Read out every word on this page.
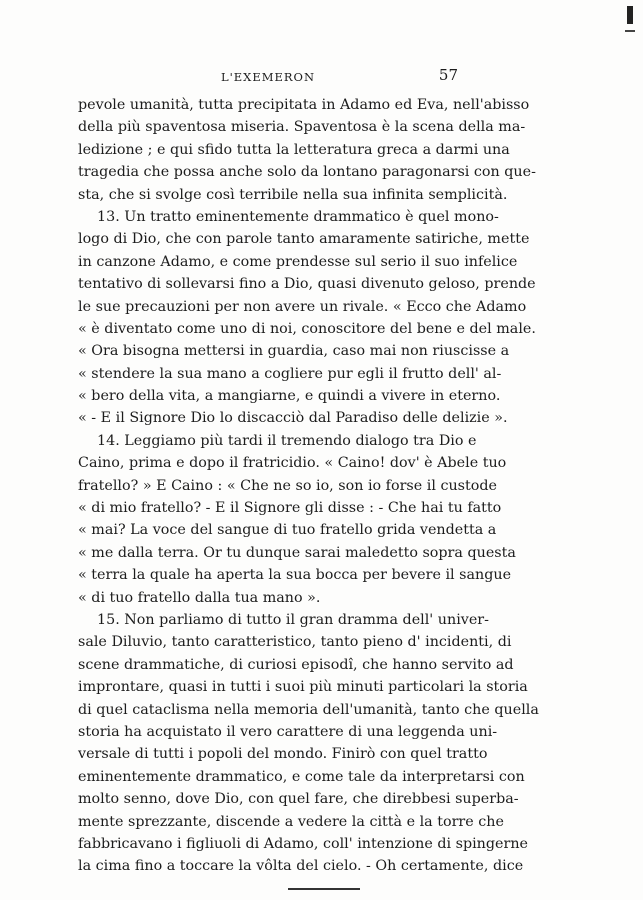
L'EXEMERON	57
pevole umanità, tutta precipitata in Adamo ed Eva, nell'abisso
della più spaventosa miseria. Spaventosa è la scena della ma-
ledizione ; e qui sfido tutta la letteratura greca a darmi una
tragedia che possa anche solo da lontano paragonarsi con que-
sta, che si svolge così terribile nella sua infinita semplicità.
13. Un tratto eminentemente drammatico è quel mono-
logo di Dio, che con parole tanto amaramente satiriche, mette
in canzone Adamo, e come prendesse sul serio il suo infelice
tentativo di sollevarsi fino a Dio, quasi divenuto geloso, prende
le sue precauzioni per non avere un rivale. « Ecco che Adamo
« è diventato come uno di noi, conoscitore del bene e del male.
« Ora bisogna mettersi in guardia, caso mai non riuscisse a
« stendere la sua mano a cogliere pur egli il frutto dell' al-
« bero della vita, a mangiarne, e quindi a vivere in eterno.
« - E il Signore Dio lo discacciò dal Paradiso delle delizie ».
14. Leggiamo più tardi il tremendo dialogo tra Dio e
Caino, prima e dopo il fratricidio. « Caino! dov' è Abele tuo
fratello? » E Caino : « Che ne so io, son io forse il custode
« di mio fratello? - E il Signore gli disse : - Che hai tu fatto
« mai? La voce del sangue di tuo fratello grida vendetta a
« me dalla terra. Or tu dunque sarai maledetto sopra questa
« terra la quale ha aperta la sua bocca per bevere il sangue
« di tuo fratello dalla tua mano ».
15. Non parliamo di tutto il gran dramma dell' univer-
sale Diluvio, tanto caratteristico, tanto pieno d' incidenti, di
scene drammatiche, di curiosi episodî, che hanno servito ad
improntare, quasi in tutti i suoi più minuti particolari la storia
di quel cataclisma nella memoria dell'umanità, tanto che quella
storia ha acquistato il vero carattere di una leggenda uni-
versale di tutti i popoli del mondo. Finirò con quel tratto
eminentemente drammatico, e come tale da interpretarsi con
molto senno, dove Dio, con quel fare, che direbbesi superba-
mente sprezzante, discende a vedere la città e la torre che
fabbricavano i figliuoli di Adamo, coll' intenzione di spingerne
la cima fino a toccare la vôlta del cielo. - Oh certamente, dice
